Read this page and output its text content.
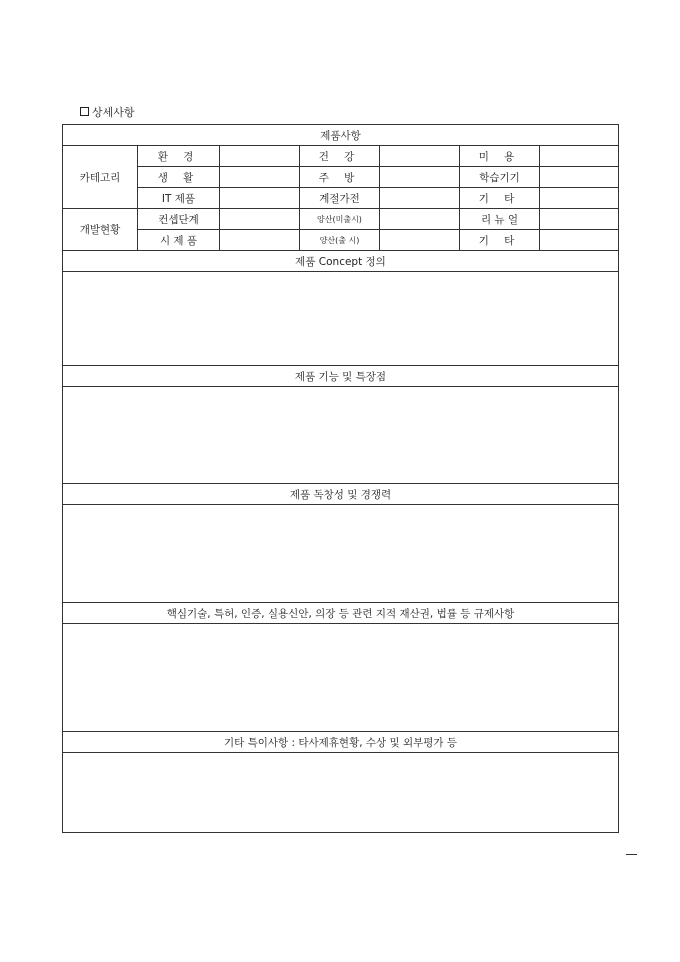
상세사항
제품사항						
카테고리	환 경		건 강		미 용	
	생 활		주 방		학습기기	
	IT 제품		계절가전		기 타	
개발현황	컨셉단계		양산(미출시)		리 뉴 얼	
	시 제 품		양산(출 시)		기 타	
제품 Concept 정의						

제품 기능 및 특장점						

제품 독창성 및 경쟁력						

핵심기술, 특허, 인증, 실용신안, 의장 등 관련 지적 재산권, 법률 등 규제사항						

기타 특이사항 : 타사제휴현황, 수상 및 외부평가 등						
